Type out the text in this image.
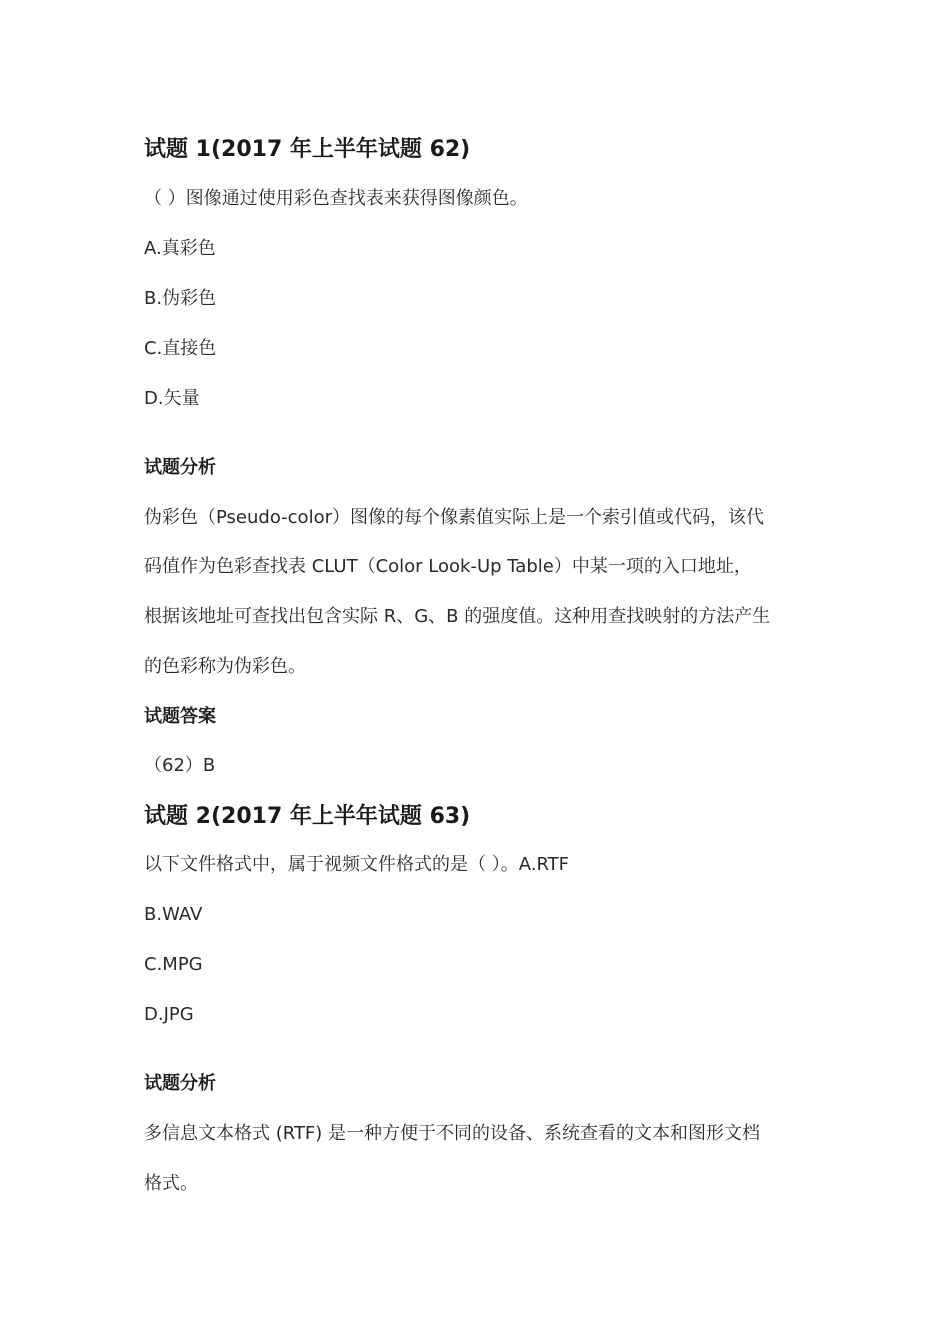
试题 1(2017 年上半年试题 62)
（ ）图像通过使用彩色查找表来获得图像颜色。
A.真彩色
B.伪彩色
C.直接色
D.矢量
试题分析
伪彩色（Pseudo-color）图像的每个像素值实际上是一个索引值或代码，该代
码值作为色彩查找表 CLUT（Color Look-Up Table）中某一项的入口地址，
根据该地址可查找出包含实际 R、G、B 的强度值。这种用查找映射的方法产生
的色彩称为伪彩色。
试题答案
（62）B
试题 2(2017 年上半年试题 63)
以下文件格式中，属于视频文件格式的是（ ）。A.RTF
B.WAV
C.MPG
D.JPG
试题分析
多信息文本格式 (RTF) 是一种方便于不同的设备、系统查看的文本和图形文档
格式。
